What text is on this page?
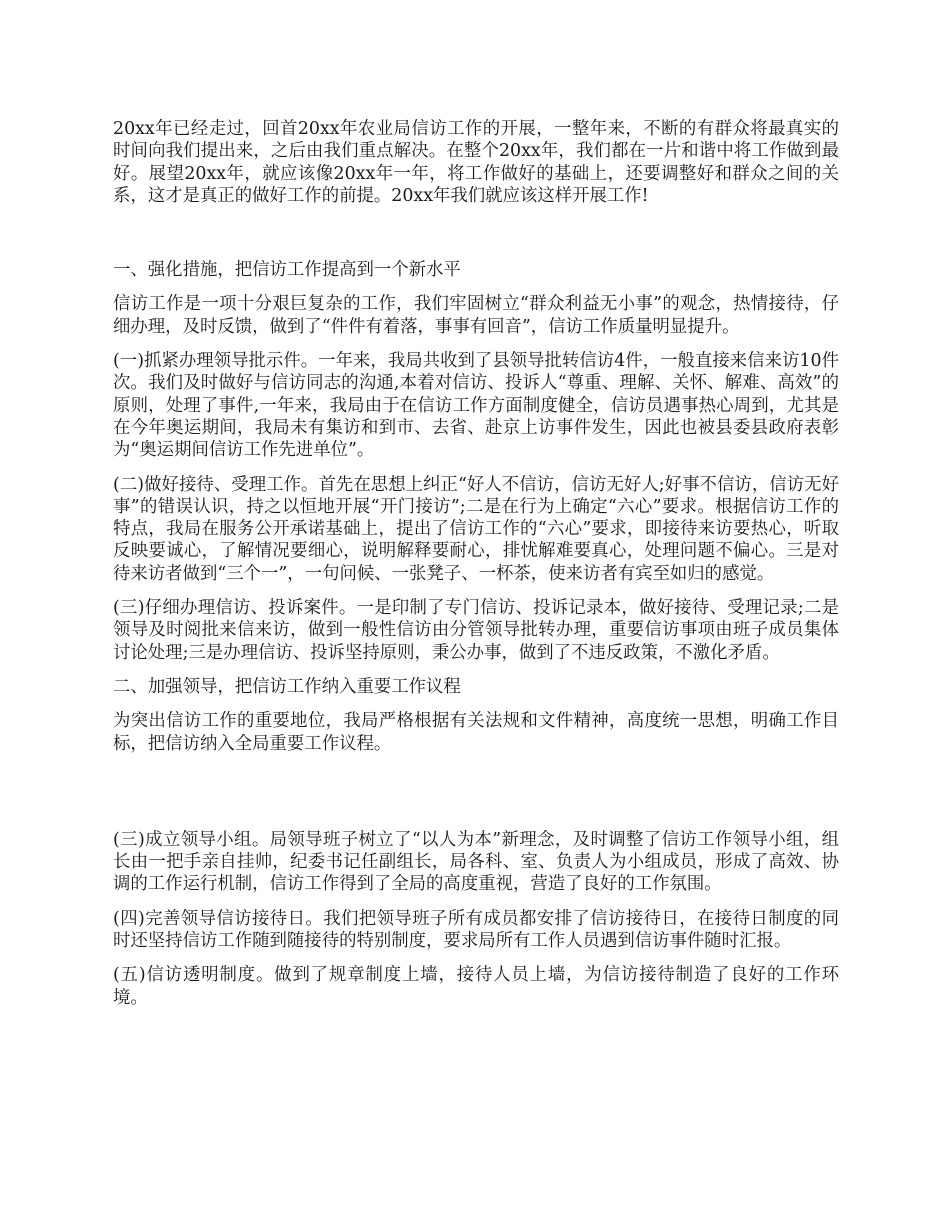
20xx年已经走过，回首20xx年农业局信访工作的开展，一整年来，不断的有群众将最真实的时间向我们提出来，之后由我们重点解决。在整个20xx年，我们都在一片和谐中将工作做到最好。展望20xx年，就应该像20xx年一年，将工作做好的基础上，还要调整好和群众之间的关系，这才是真正的做好工作的前提。20xx年我们就应该这样开展工作!

一、强化措施，把信访工作提高到一个新水平

信访工作是一项十分艰巨复杂的工作，我们牢固树立“群众利益无小事”的观念，热情接待，仔细办理，及时反馈，做到了“件件有着落，事事有回音”，信访工作质量明显提升。

(一)抓紧办理领导批示件。一年来，我局共收到了县领导批转信访4件，一般直接来信来访10件次。我们及时做好与信访同志的沟通,本着对信访、投诉人“尊重、理解、关怀、解难、高效”的原则，处理了事件,一年来，我局由于在信访工作方面制度健全，信访员遇事热心周到，尤其是在今年奥运期间，我局未有集访和到市、去省、赴京上访事件发生，因此也被县委县政府表彰为“奥运期间信访工作先进单位”。

(二)做好接待、受理工作。首先在思想上纠正“好人不信访，信访无好人;好事不信访，信访无好事”的错误认识，持之以恒地开展“开门接访”;二是在行为上确定“六心”要求。根据信访工作的特点，我局在服务公开承诺基础上，提出了信访工作的“六心”要求，即接待来访要热心，听取反映要诚心，了解情况要细心，说明解释要耐心，排忧解难要真心，处理问题不偏心。三是对待来访者做到“三个一”，一句问候、一张凳子、一杯茶，使来访者有宾至如归的感觉。

(三)仔细办理信访、投诉案件。一是印制了专门信访、投诉记录本，做好接待、受理记录;二是领导及时阅批来信来访，做到一般性信访由分管领导批转办理，重要信访事项由班子成员集体讨论处理;三是办理信访、投诉坚持原则，秉公办事，做到了不违反政策，不激化矛盾。

二、加强领导，把信访工作纳入重要工作议程

为突出信访工作的重要地位，我局严格根据有关法规和文件精神，高度统一思想，明确工作目标，把信访纳入全局重要工作议程。

(三)成立领导小组。局领导班子树立了“以人为本”新理念，及时调整了信访工作领导小组，组长由一把手亲自挂帅，纪委书记任副组长，局各科、室、负责人为小组成员，形成了高效、协调的工作运行机制，信访工作得到了全局的高度重视，营造了良好的工作氛围。

(四)完善领导信访接待日。我们把领导班子所有成员都安排了信访接待日，在接待日制度的同时还坚持信访工作随到随接待的特别制度，要求局所有工作人员遇到信访事件随时汇报。

(五)信访透明制度。做到了规章制度上墙，接待人员上墙，为信访接待制造了良好的工作环境。
